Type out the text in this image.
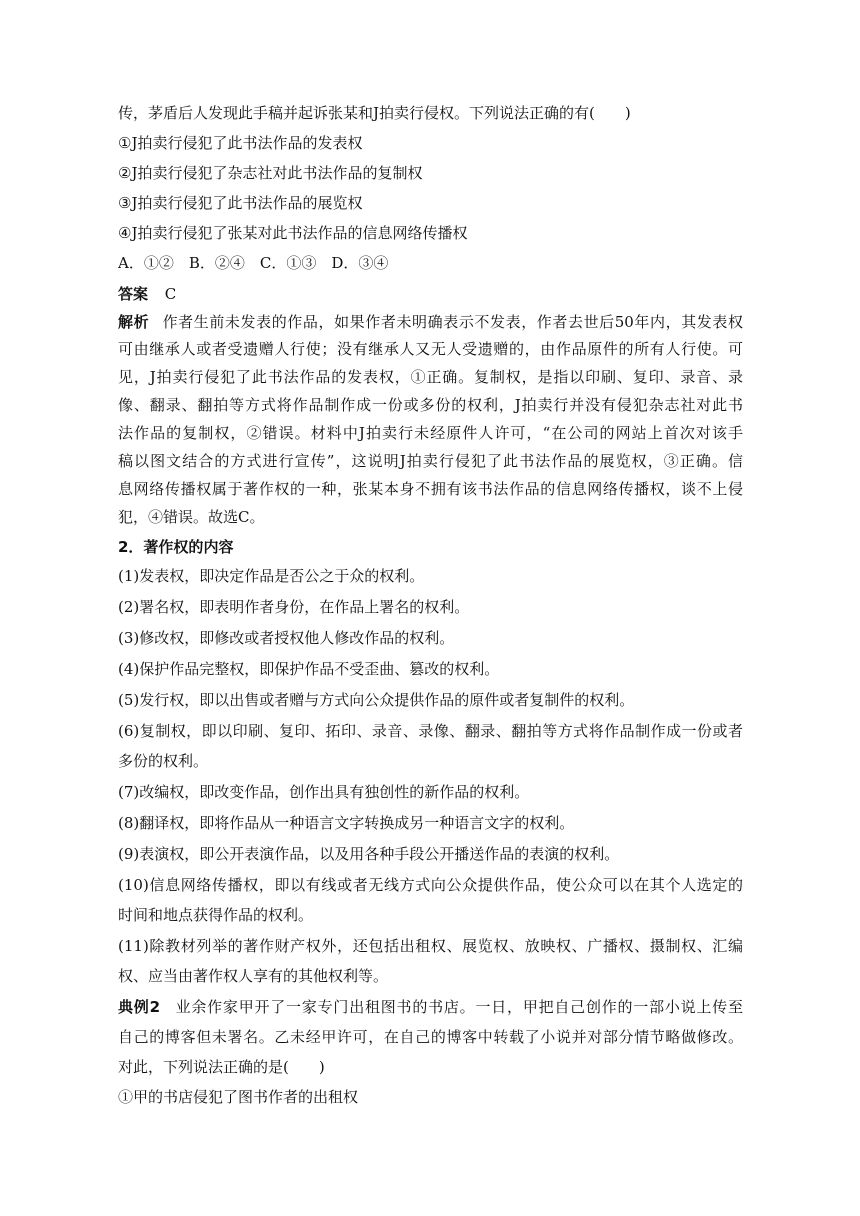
传，茅盾后人发现此手稿并起诉张某和J拍卖行侵权。下列说法正确的有(　　)
①J拍卖行侵犯了此书法作品的发表权
②J拍卖行侵犯了杂志社对此书法作品的复制权
③J拍卖行侵犯了此书法作品的展览权
④J拍卖行侵犯了张某对此书法作品的信息网络传播权
A．①②　B．②④　C．①③　D．③④
答案 C
解析 作者生前未发表的作品，如果作者未明确表示不发表，作者去世后50年内，其发表权
可由继承人或者受遗赠人行使；没有继承人又无人受遗赠的，由作品原件的所有人行使。可
见，J拍卖行侵犯了此书法作品的发表权，①正确。复制权，是指以印刷、复印、录音、录
像、翻录、翻拍等方式将作品制作成一份或多份的权利，J拍卖行并没有侵犯杂志社对此书
法作品的复制权，②错误。材料中J拍卖行未经原件人许可，“在公司的网站上首次对该手
稿以图文结合的方式进行宣传”，这说明J拍卖行侵犯了此书法作品的展览权，③正确。信
息网络传播权属于著作权的一种，张某本身不拥有该书法作品的信息网络传播权，谈不上侵
犯，④错误。故选C。
2．著作权的内容
(1)发表权，即决定作品是否公之于众的权利。
(2)署名权，即表明作者身份，在作品上署名的权利。
(3)修改权，即修改或者授权他人修改作品的权利。
(4)保护作品完整权，即保护作品不受歪曲、篡改的权利。
(5)发行权，即以出售或者赠与方式向公众提供作品的原件或者复制件的权利。
(6)复制权，即以印刷、复印、拓印、录音、录像、翻录、翻拍等方式将作品制作成一份或者
多份的权利。
(7)改编权，即改变作品，创作出具有独创性的新作品的权利。
(8)翻译权，即将作品从一种语言文字转换成另一种语言文字的权利。
(9)表演权，即公开表演作品，以及用各种手段公开播送作品的表演的权利。
(10)信息网络传播权，即以有线或者无线方式向公众提供作品，使公众可以在其个人选定的
时间和地点获得作品的权利。
(11)除教材列举的著作财产权外，还包括出租权、展览权、放映权、广播权、摄制权、汇编
权、应当由著作权人享有的其他权利等。
典例2 业余作家甲开了一家专门出租图书的书店。一日，甲把自己创作的一部小说上传至
自己的博客但未署名。乙未经甲许可，在自己的博客中转载了小说并对部分情节略做修改。
对此，下列说法正确的是(　　)
①甲的书店侵犯了图书作者的出租权
